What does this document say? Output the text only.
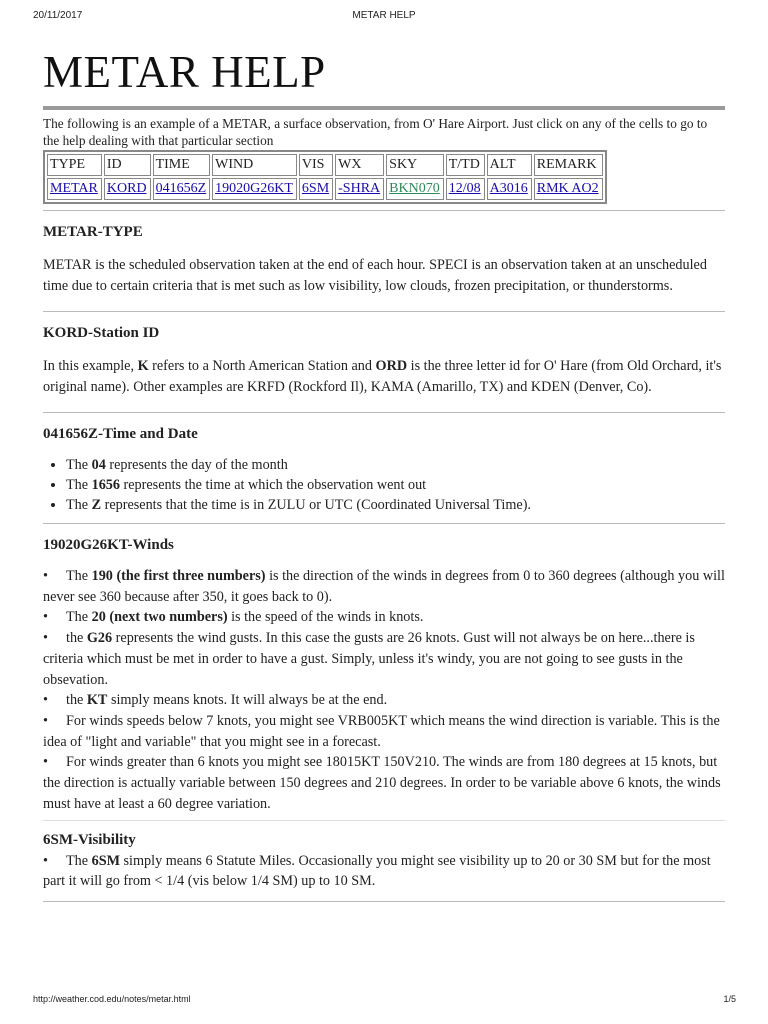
20/11/2017	METAR HELP
METAR HELP
The following is an example of a METAR, a surface observation, from O' Hare Airport. Just click on any of the cells to go to the help dealing with that particular section
TYPE	ID	TIME	WIND	VIS	WX	SKY	T/TD	ALT	REMARK
METAR	KORD	041656Z	19020G26KT	6SM	-SHRA	BKN070	12/08	A3016	RMK AO2
METAR-TYPE

METAR is the scheduled observation taken at the end of each hour. SPECI is an observation taken at an unscheduled time due to certain criteria that is met such as low visibility, low clouds, frozen precipitation, or thunderstorms.

KORD-Station ID

In this example, K refers to a North American Station and ORD is the three letter id for O' Hare (from Old Orchard, it's original name). Other examples are KRFD (Rockford Il), KAMA (Amarillo, TX) and KDEN (Denver, Co).

041656Z-Time and Date
• The 04 represents the day of the month
• The 1656 represents the time at which the observation went out
• The Z represents that the time is in ZULU or UTC (Coordinated Universal Time).
19020G26KT-Winds
• The 190 (the first three numbers) is the direction of the winds in degrees from 0 to 360 degrees (although you will never see 360 because after 350, it goes back to 0).
• The 20 (next two numbers) is the speed of the winds in knots.
• the G26 represents the wind gusts. In this case the gusts are 26 knots. Gust will not always be on here...there is criteria which must be met in order to have a gust. Simply, unless it's windy, you are not going to see gusts in the obsevation.
• the KT simply means knots. It will always be at the end.
• For winds speeds below 7 knots, you might see VRB005KT which means the wind direction is variable. This is the idea of "light and variable" that you might see in a forecast.
• For winds greater than 6 knots you might see 18015KT 150V210. The winds are from 180 degrees at 15 knots, but the direction is actually variable between 150 degrees and 210 degrees. In order to be variable above 6 knots, the winds must have at least a 60 degree variation.
6SM-Visibility
• The 6SM simply means 6 Statute Miles. Occasionally you might see visibility up to 20 or 30 SM but for the most part it will go from < 1/4 (vis below 1/4 SM) up to 10 SM.
http://weather.cod.edu/notes/metar.html	1/5
